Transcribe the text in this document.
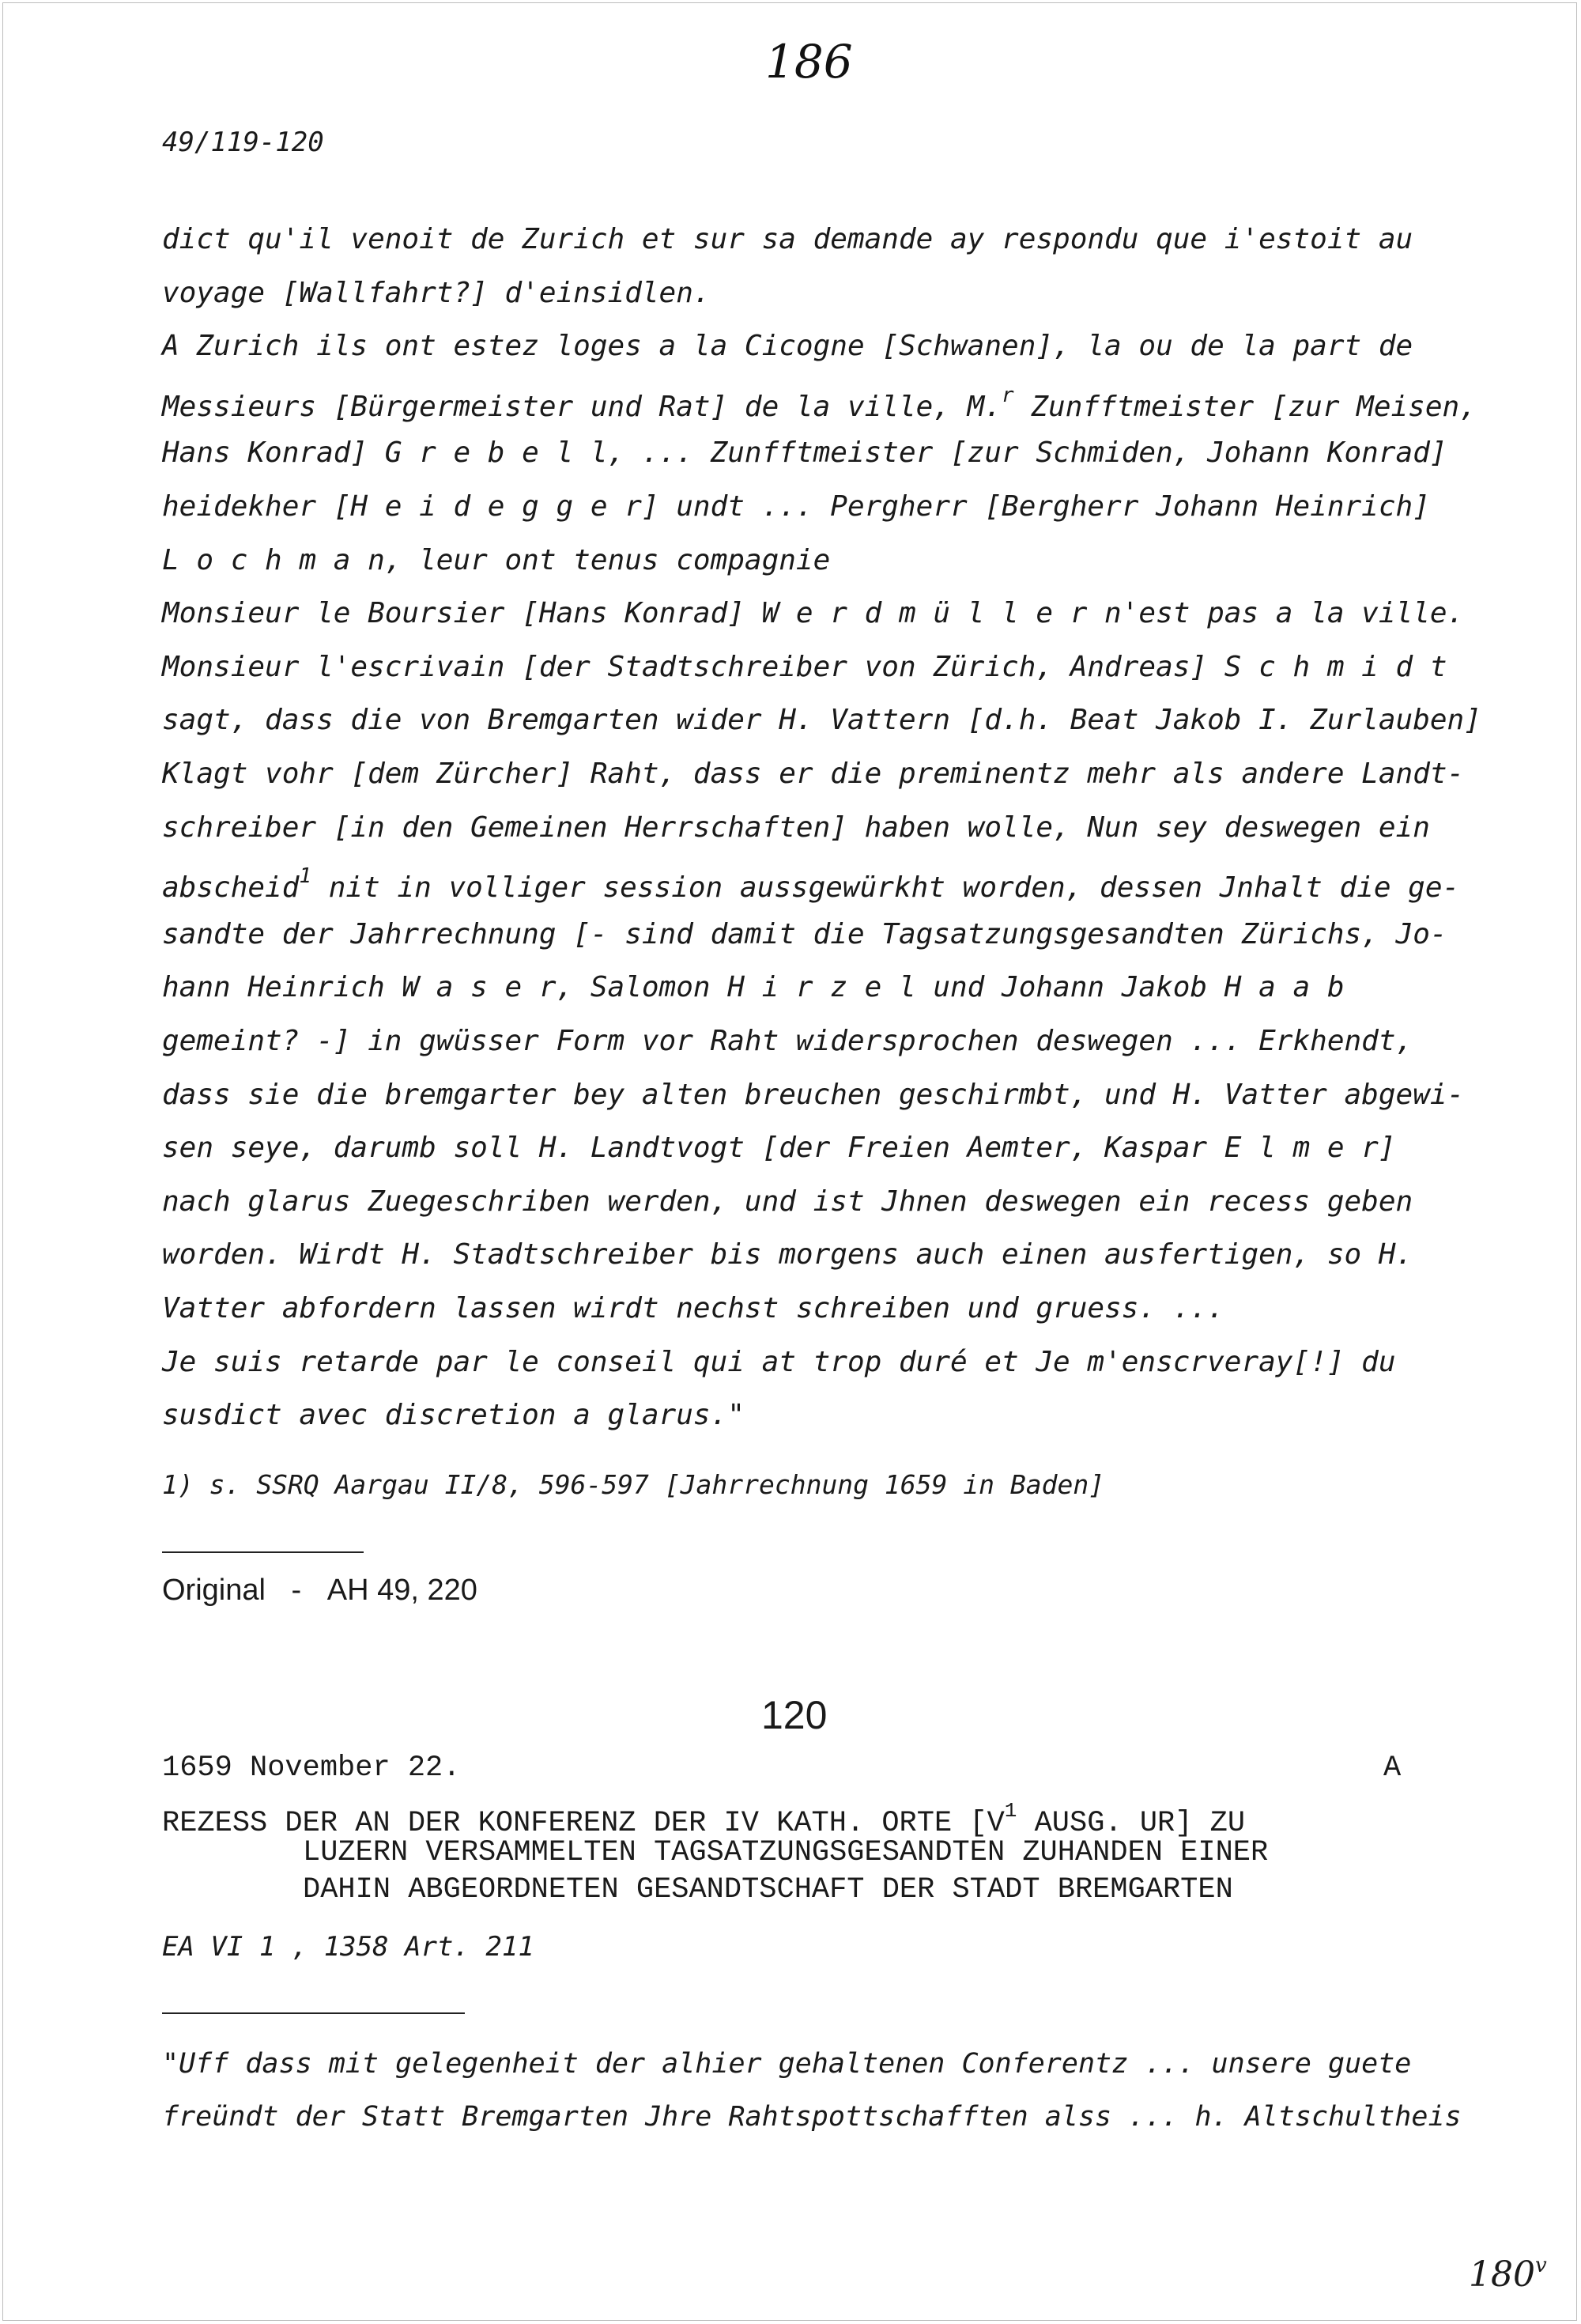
186
49/119-120
dict qu'il venoit de Zurich et sur sa demande ay respondu que i'estoit au
voyage [Wallfahrt?] d'einsidlen.
A Zurich ils ont estez loges a la Cicogne [Schwanen], la ou de la part de
Messieurs [Bürgermeister und Rat] de la ville, M.$^r$ Zunfftmeister [zur Meisen,
Hans Konrad] G r e b e l l, ... Zunfftmeister [zur Schmiden, Johann Konrad]
heidekher [H e i d e g g e r] undt ... Pergherr [Bergherr Johann Heinrich]
L o c h m a n, leur ont tenus compagnie
Monsieur le Boursier [Hans Konrad] W e r d m ü l l e r n'est pas a la ville.
Monsieur l'escrivain [der Stadtschreiber von Zürich, Andreas] S c h m i d t
sagt, dass die von Bremgarten wider H. Vattern [d.h. Beat Jakob I. Zurlauben]
Klagt vohr [dem Zürcher] Raht, dass er die preminentz mehr als andere Landt-
schreiber [in den Gemeinen Herrschaften] haben wolle, Nun sey deswegen ein
abscheid$^1$ nit in volliger session aussgewürkht worden, dessen Jnhalt die ge-
sandte der Jahrrechnung [- sind damit die Tagsatzungsgesandten Zürichs, Jo-
hann Heinrich W a s e r, Salomon H i r z e l und Johann Jakob H a a b
gemeint? -] in gwüsser Form vor Raht widersprochen deswegen ... Erkhendt,
dass sie die bremgarter bey alten breuchen geschirmbt, und H. Vatter abgewi-
sen seye, darumb soll H. Landtvogt [der Freien Aemter, Kaspar E l m e r]
nach glarus Zuegeschriben werden, und ist Jhnen deswegen ein recess geben
worden. Wirdt H. Stadtschreiber bis morgens auch einen ausfertigen, so H.
Vatter abfordern lassen wirdt nechst schreiben und gruess. ...
Je suis retarde par le conseil qui at trop duré et Je m'enscrveray[!] du
susdict avec discretion a glarus."
1) s. SSRQ Aargau II/8, 596-597 [Jahrrechnung 1659 in Baden]
Original - AH 49, 220
120
1659 November 22.	A
REZESS DER AN DER KONFERENZ DER IV KATH. ORTE [$V^1$ AUSG. UR] ZU
LUZERN VERSAMMELTEN TAGSATZUNGSGESANDTEN ZUHANDEN EINER
DAHIN ABGEORDNETEN GESANDTSCHAFT DER STADT BREMGARTEN
EA VI 1 , 1358 Art. 211
"Uff dass mit gelegenheit der alhier gehaltenen Conferentz ... unsere guete
freündt der Statt Bremgarten Jhre Rahtspottschafften alss ... h. Altschultheis
180$^v$
